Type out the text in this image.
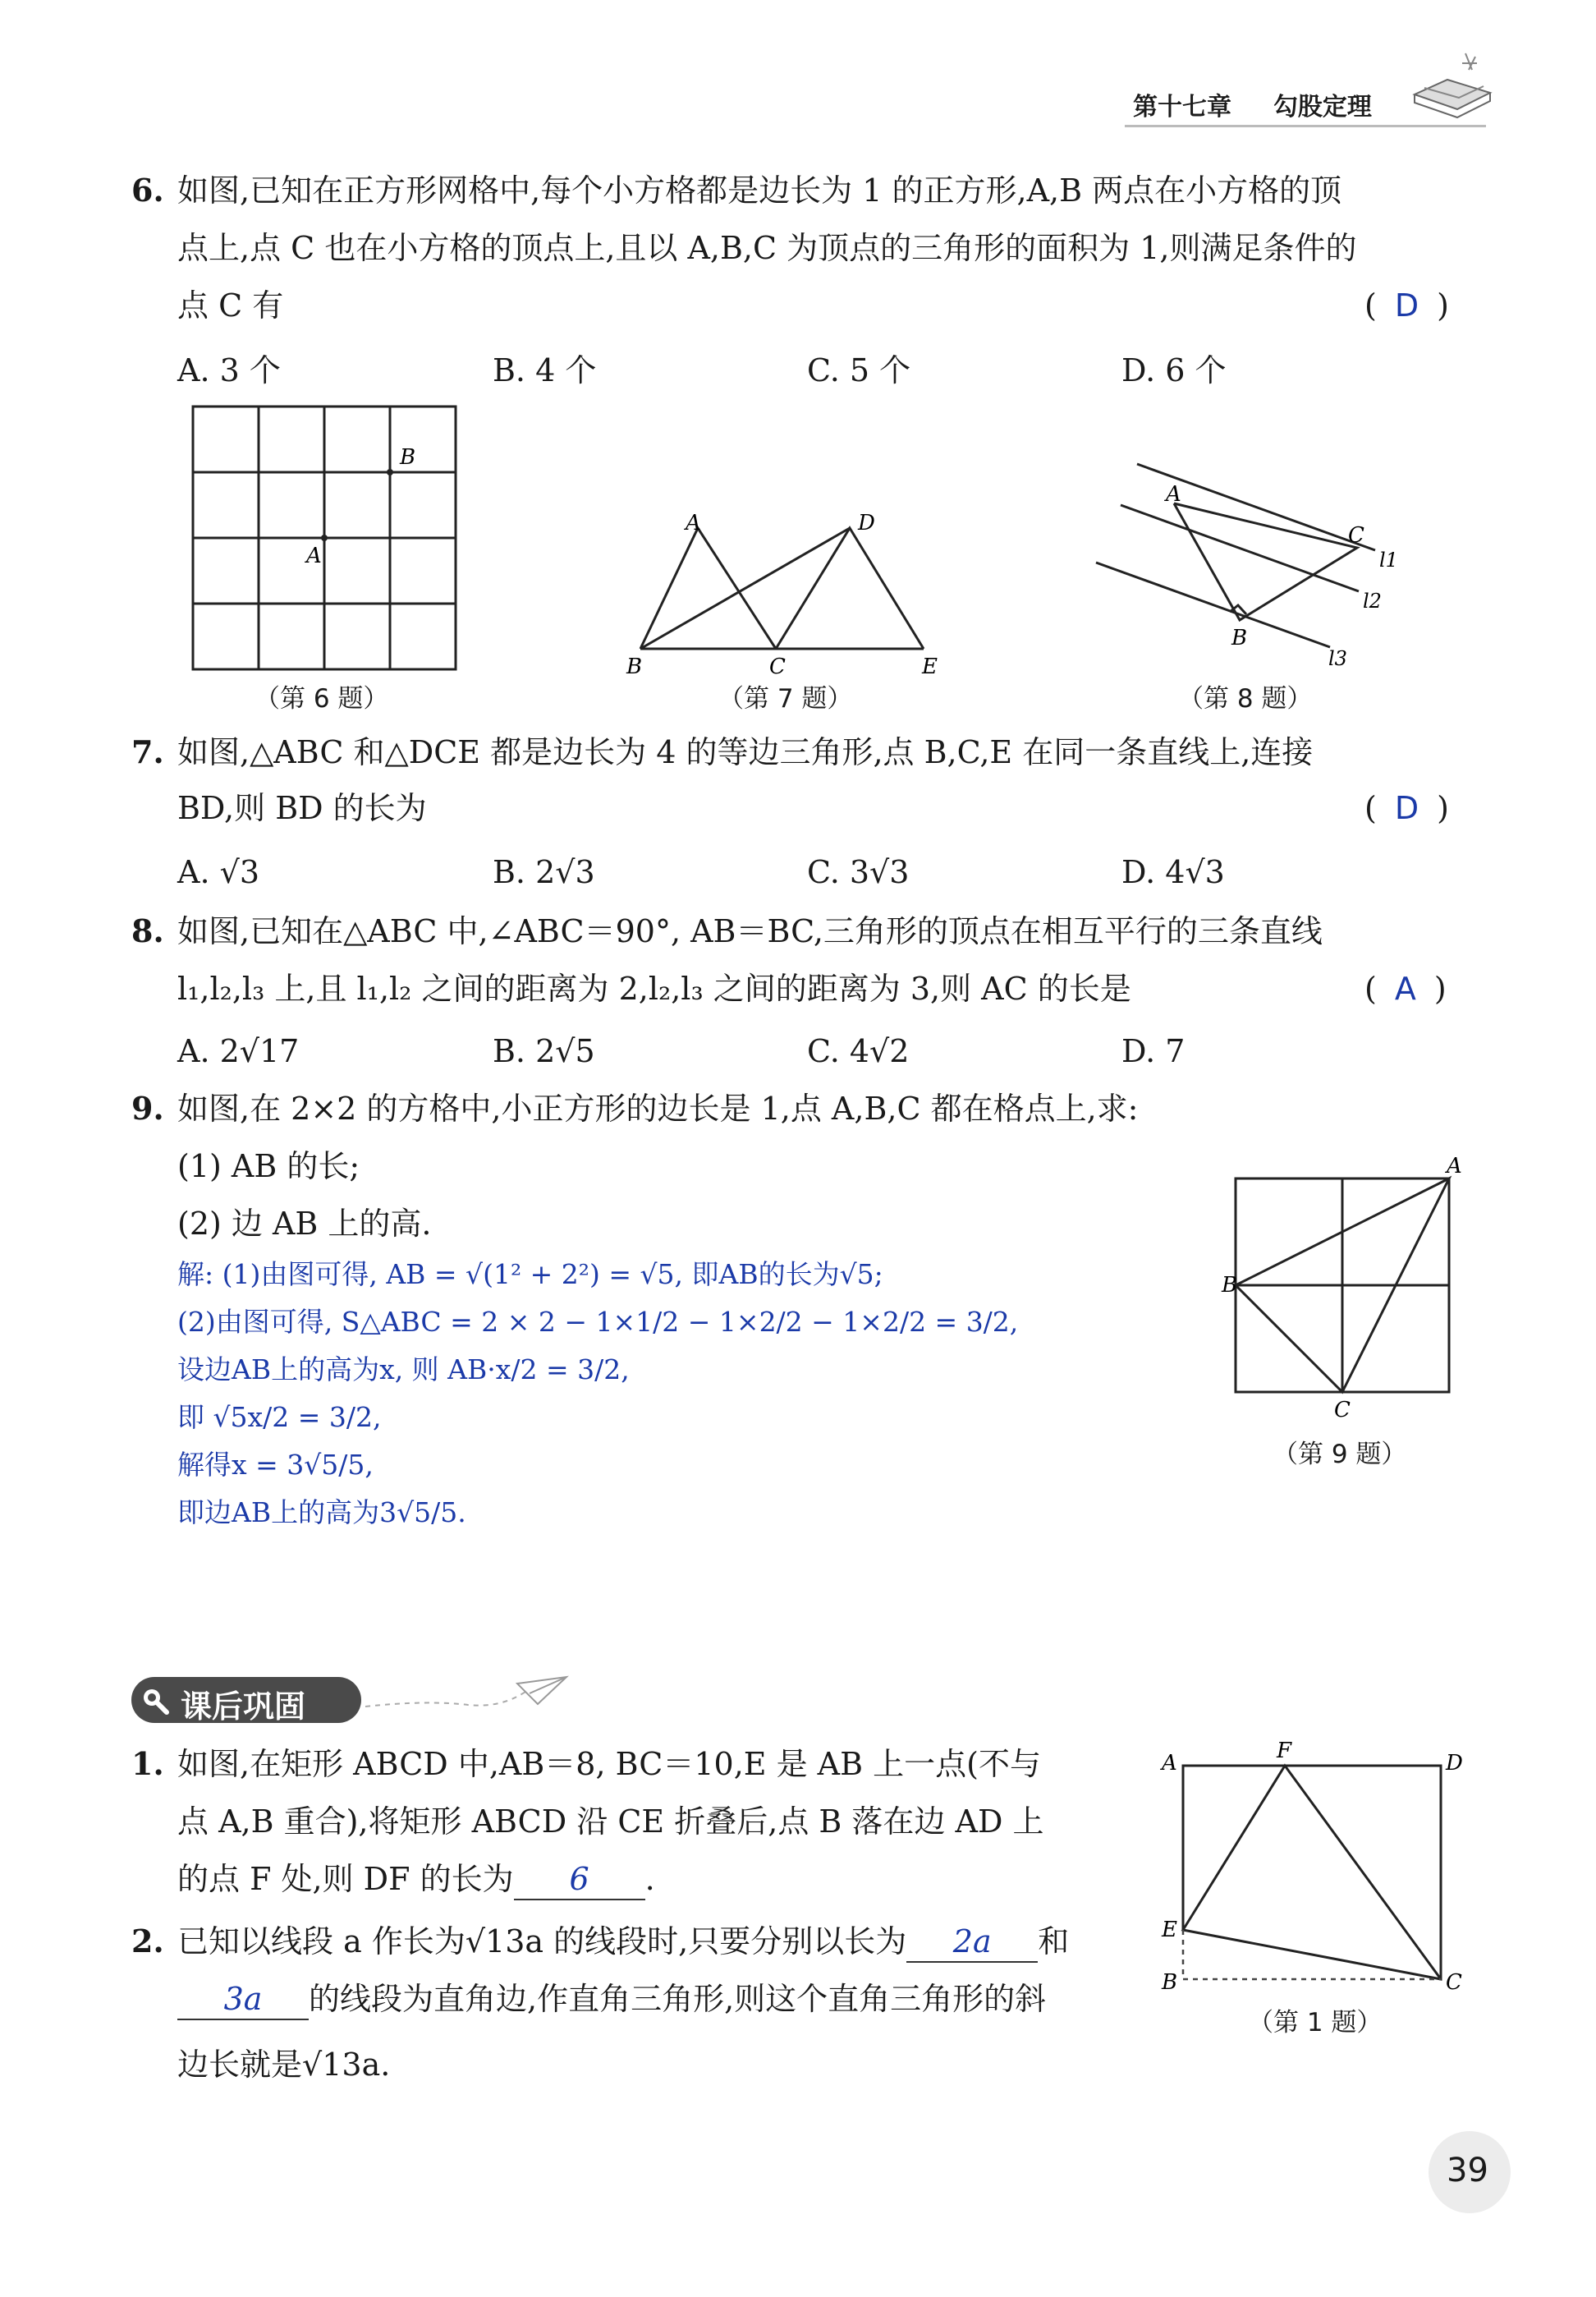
第十七章 勾股定理
6. 如图,已知在正方形网格中,每个小方格都是边长为 1 的正方形,A,B 两点在小方格的顶
点上,点 C 也在小方格的顶点上,且以 A,B,C 为顶点的三角形的面积为 1,则满足条件的
点 C 有	( D )
A. 3 个	B. 4 个	C. 5 个	D. 6 个
A
B
（第 6 题）
A	D
B	C	E
（第 7 题）
A
C
B
l1
l2
l3
（第 8 题）
7. 如图,△ABC 和△DCE 都是边长为 4 的等边三角形,点 B,C,E 在同一条直线上,连接
BD,则 BD 的长为	( D )
A. √3	B. 2√3	C. 3√3	D. 4√3
8. 如图,已知在△ABC 中,∠ABC＝90°, AB＝BC,三角形的顶点在相互平行的三条直线
l₁,l₂,l₃ 上,且 l₁,l₂ 之间的距离为 2,l₂,l₃ 之间的距离为 3,则 AC 的长是	( A )
A. 2√17	B. 2√5	C. 4√2	D. 7
9. 如图,在 2×2 的方格中,小正方形的边长是 1,点 A,B,C 都在格点上,求:
(1) AB 的长;
(2) 边 AB 上的高.
解: (1)由图可得, AB = √(1² + 2²) = √5, 即AB的长为√5;
(2)由图可得, S△ABC = 2 × 2 − 1×1/2 − 1×2/2 − 1×2/2 = 3/2,
设边AB上的高为x, 则 AB·x/2 = 3/2,
即 √5x/2 = 3/2,
解得x = 3√5/5,
即边AB上的高为3√5/5.
A
B
C
（第 9 题）
课后巩固
1. 如图,在矩形 ABCD 中,AB＝8, BC＝10,E 是 AB 上一点(不与
点 A,B 重合),将矩形 ABCD 沿 CE 折叠后,点 B 落在边 AD 上
的点 F 处,则 DF 的长为 6 .
A	F	D
E
B	C
（第 1 题）
2. 已知以线段 a 作长为√13a 的线段时,只要分别以长为 2a 和
3a 的线段为直角边,作直角三角形,则这个直角三角形的斜
边长就是√13a.
39
